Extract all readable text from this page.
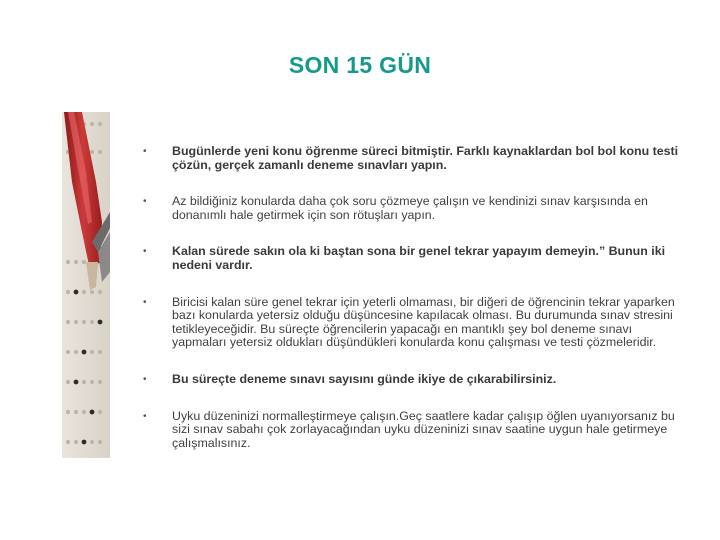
SON 15 GÜN
• Bugünlerde yeni konu öğrenme süreci bitmiştir. Farklı kaynaklardan bol bol konu testi çözün, gerçek zamanlı deneme sınavları yapın.
• Az bildiğiniz konularda daha çok soru çözmeye çalışın ve kendinizi sınav karşısında en donanımlı hale getirmek için son rötuşları yapın.
• Kalan sürede sakın ola ki baştan sona bir genel tekrar yapayım demeyin.” Bunun iki nedeni vardır.
• Biricisi kalan süre genel tekrar için yeterli olmaması, bir diğeri de öğrencinin tekrar yaparken bazı konularda yetersiz olduğu düşüncesine kapılacak olması. Bu durumunda sınav stresini tetikleyeceğidir. Bu süreçte öğrencilerin yapacağı en mantıklı şey bol deneme sınavı yapmaları yetersiz oldukları düşündükleri konularda konu çalışması ve testi çözmeleridir.
• Bu süreçte deneme sınavı sayısını günde ikiye de çıkarabilirsiniz.
• Uyku düzeninizi normalleştirmeye çalışın.Geç saatlere kadar çalışıp öğlen uyanıyorsanız bu sizi sınav sabahı çok zorlayacağından uyku düzeninizi sınav saatine uygun hale getirmeye çalışmalısınız.
